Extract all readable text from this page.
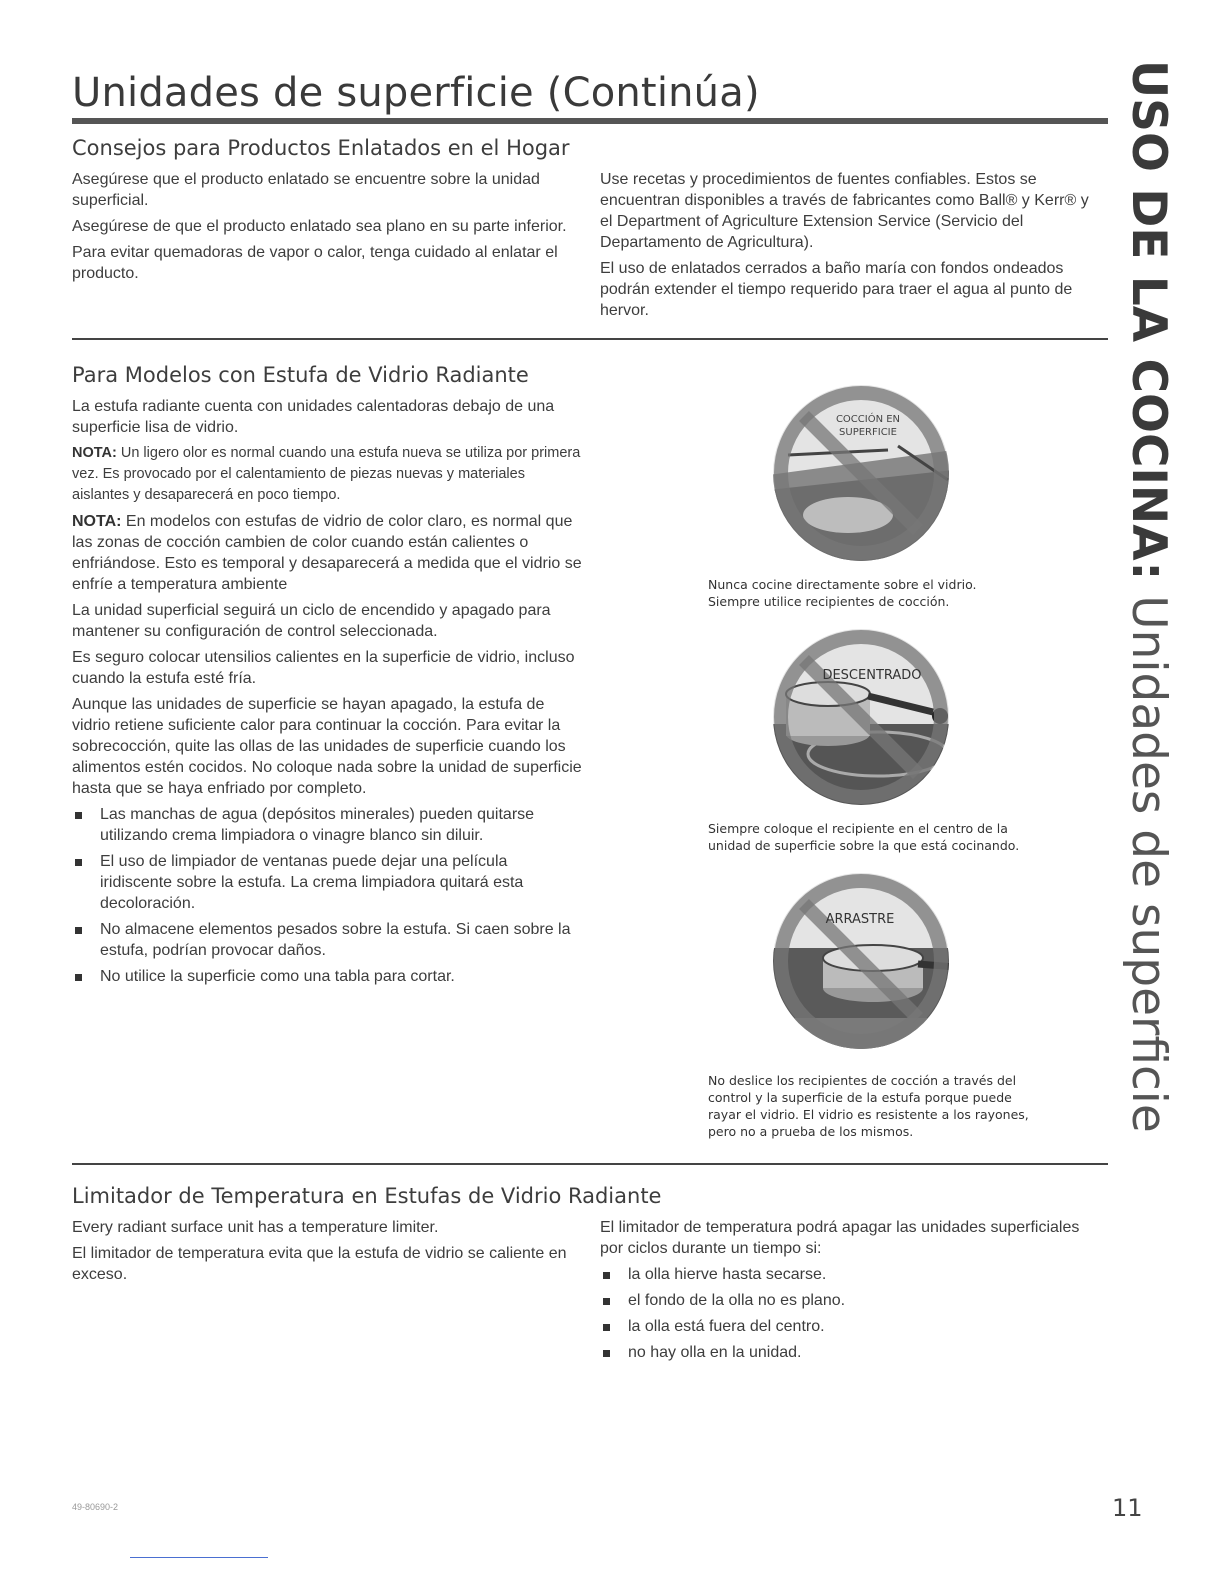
Unidades de superficie (Continúa)	USO DE LA COCINA: Unidades de superficie
Consejos para Productos Enlatados en el Hogar

Asegúrese que el producto enlatado se encuentre sobre la unidad superficial.

Asegúrese de que el producto enlatado sea plano en su parte inferior.

Para evitar quemadoras de vapor o calor, tenga cuidado al enlatar el producto.

Use recetas y procedimientos de fuentes confiables. Estos se encuentran disponibles a través de fabricantes como Ball® y Kerr® y el Department of Agriculture Extension Service (Servicio del Departamento de Agricultura).

El uso de enlatados cerrados a baño maría con fondos ondeados podrán extender el tiempo requerido para traer el agua al punto de hervor.

Para Modelos con Estufa de Vidrio Radiante

La estufa radiante cuenta con unidades calentadoras debajo de una superficie lisa de vidrio.

NOTA: Un ligero olor es normal cuando una estufa nueva se utiliza por primera vez. Es provocado por el calentamiento de piezas nuevas y materiales aislantes y desaparecerá en poco tiempo.

NOTA: En modelos con estufas de vidrio de color claro, es normal que las zonas de cocción cambien de color cuando están calientes o enfriándose. Esto es temporal y desaparecerá a medida que el vidrio se enfríe a temperatura ambiente

La unidad superficial seguirá un ciclo de encendido y apagado para mantener su configuración de control seleccionada.

Es seguro colocar utensilios calientes en la superficie de vidrio, incluso cuando la estufa esté fría.

Aunque las unidades de superficie se hayan apagado, la estufa de vidrio retiene suficiente calor para continuar la cocción. Para evitar la sobrecocción, quite las ollas de las unidades de superficie cuando los alimentos estén cocidos. No coloque nada sobre la unidad de superficie hasta que se haya enfriado por completo.

Las manchas de agua (depósitos minerales) pueden quitarse utilizando crema limpiadora o vinagre blanco sin diluir.
El uso de limpiador de ventanas puede dejar una película iridiscente sobre la estufa. La crema limpiadora quitará esta decoloración.
No almacene elementos pesados sobre la estufa. Si caen sobre la estufa, podrían provocar daños.
No utilice la superficie como una tabla para cortar.
COCCIÓN EN
SUPERFICIE
Nunca cocine directamente sobre el vidrio.
Siempre utilice recipientes de cocción.
DESCENTRADO
Siempre coloque el recipiente en el centro de la
unidad de superficie sobre la que está cocinando.
ARRASTRE
No deslice los recipientes de cocción a través del
control y la superficie de la estufa porque puede
rayar el vidrio. El vidrio es resistente a los rayones,
pero no a prueba de los mismos.
Limitador de Temperatura en Estufas de Vidrio Radiante

Every radiant surface unit has a temperature limiter.

El limitador de temperatura evita que la estufa de vidrio se caliente en exceso.

El limitador de temperatura podrá apagar las unidades superficiales por ciclos durante un tiempo si:

la olla hierve hasta secarse.
el fondo de la olla no es plano.
la olla está fuera del centro.
no hay olla en la unidad.
49-80690-2	11
